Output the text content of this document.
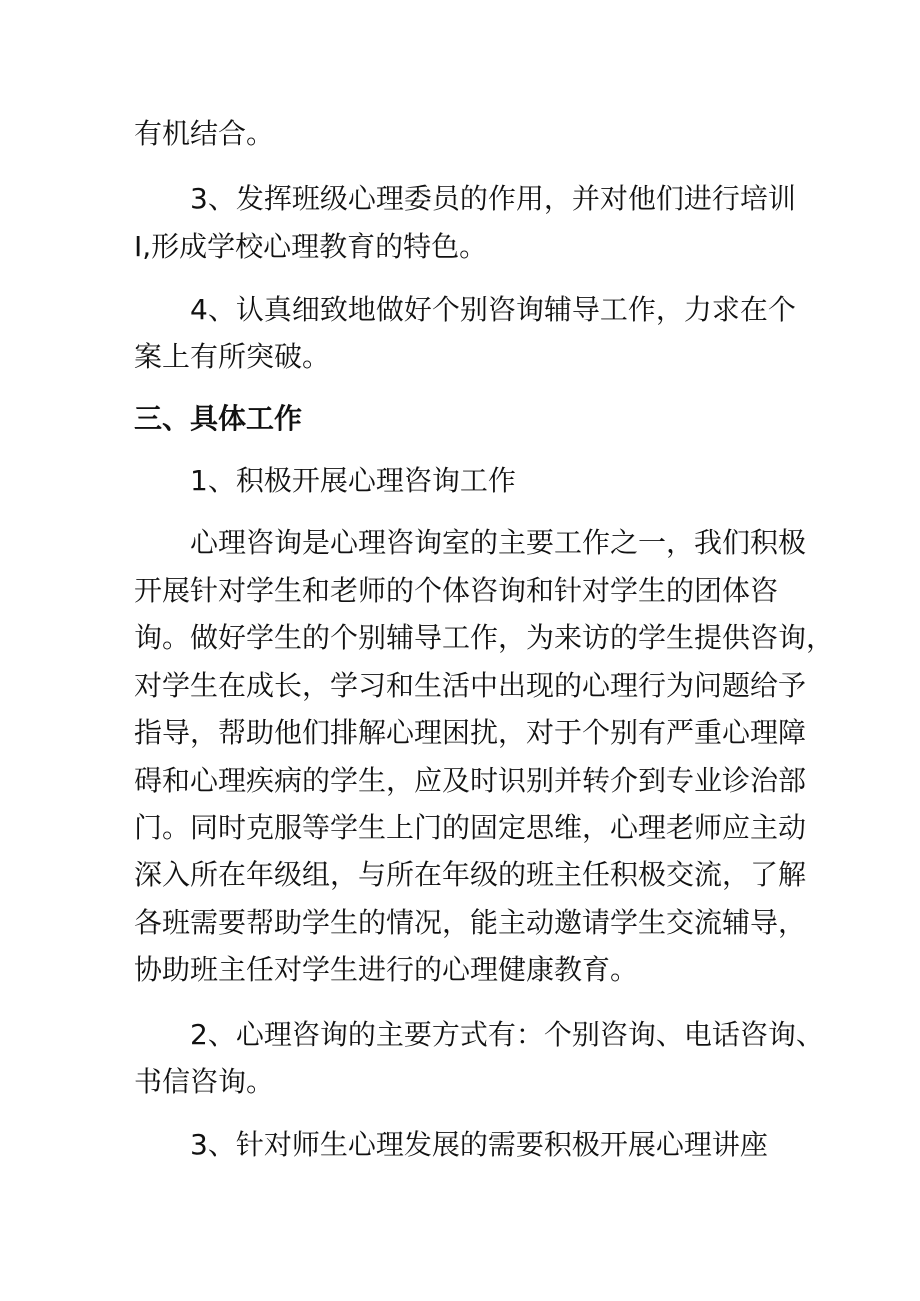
有机结合。

3、发挥班级心理委员的作用，并对他们进行培训

I,形成学校心理教育的特色。

4、认真细致地做好个别咨询辅导工作，力求在个

案上有所突破。

三、具体工作

1、积极开展心理咨询工作

心理咨询是心理咨询室的主要工作之一，我们积极

开展针对学生和老师的个体咨询和针对学生的团体咨

询。做好学生的个别辅导工作，为来访的学生提供咨询，

对学生在成长，学习和生活中出现的心理行为问题给予

指导，帮助他们排解心理困扰，对于个别有严重心理障

碍和心理疾病的学生，应及时识别并转介到专业诊治部

门。同时克服等学生上门的固定思维，心理老师应主动

深入所在年级组，与所在年级的班主任积极交流，了解

各班需要帮助学生的情况，能主动邀请学生交流辅导，

协助班主任对学生进行的心理健康教育。

2、心理咨询的主要方式有：个别咨询、电话咨询、

书信咨询。

3、针对师生心理发展的需要积极开展心理讲座
